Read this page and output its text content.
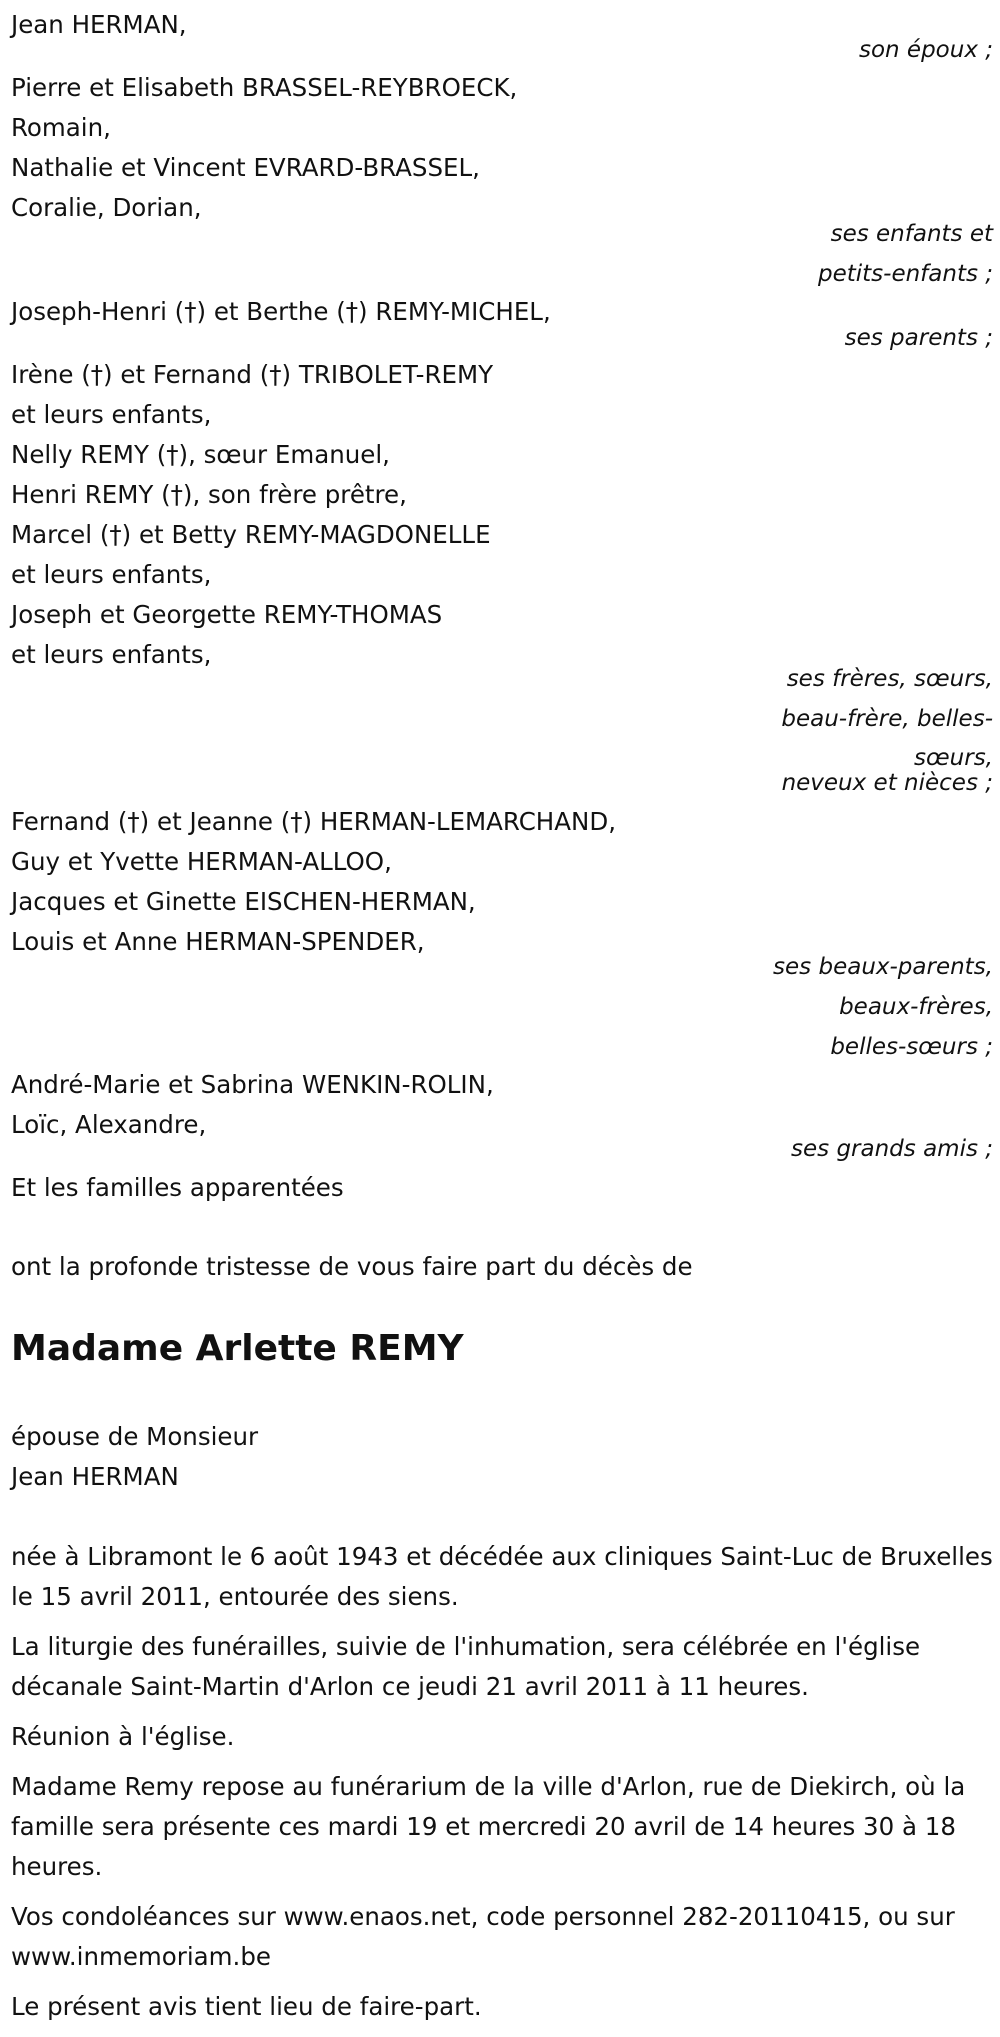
Jean HERMAN,
son époux ;
Pierre et Elisabeth BRASSEL-REYBROECK,
Romain,
Nathalie et Vincent EVRARD-BRASSEL,
Coralie, Dorian,
ses enfants et
petits-enfants ;
Joseph-Henri (†) et Berthe (†) REMY-MICHEL,
ses parents ;
Irène (†) et Fernand (†) TRIBOLET-REMY
et leurs enfants,
Nelly REMY (†), sœur Emanuel,
Henri REMY (†), son frère prêtre,
Marcel (†) et Betty REMY-MAGDONELLE
et leurs enfants,
Joseph et Georgette REMY-THOMAS
et leurs enfants,
ses frères, sœurs,
beau-frère, belles-
sœurs,
neveux et nièces ;
Fernand (†) et Jeanne (†) HERMAN-LEMARCHAND,
Guy et Yvette HERMAN-ALLOO,
Jacques et Ginette EISCHEN-HERMAN,
Louis et Anne HERMAN-SPENDER,
ses beaux-parents,
beaux-frères,
belles-sœurs ;
André-Marie et Sabrina WENKIN-ROLIN,
Loïc, Alexandre,
ses grands amis ;
Et les familles apparentées
ont la profonde tristesse de vous faire part du décès de
Madame Arlette REMY
épouse de Monsieur
Jean HERMAN
née à Libramont le 6 août 1943 et décédée aux cliniques Saint-Luc de Bruxelles le 15 avril 2011, entourée des siens.
La liturgie des funérailles, suivie de l'inhumation, sera célébrée en l'église décanale Saint-Martin d'Arlon ce jeudi 21 avril 2011 à 11 heures.
Réunion à l'église.
Madame Remy repose au funérarium de la ville d'Arlon, rue de Diekirch, où la famille sera présente ces mardi 19 et mercredi 20 avril de 14 heures 30 à 18 heures.
Vos condoléances sur www.enaos.net, code personnel 282-20110415, ou sur www.inmemoriam.be
Le présent avis tient lieu de faire-part.
